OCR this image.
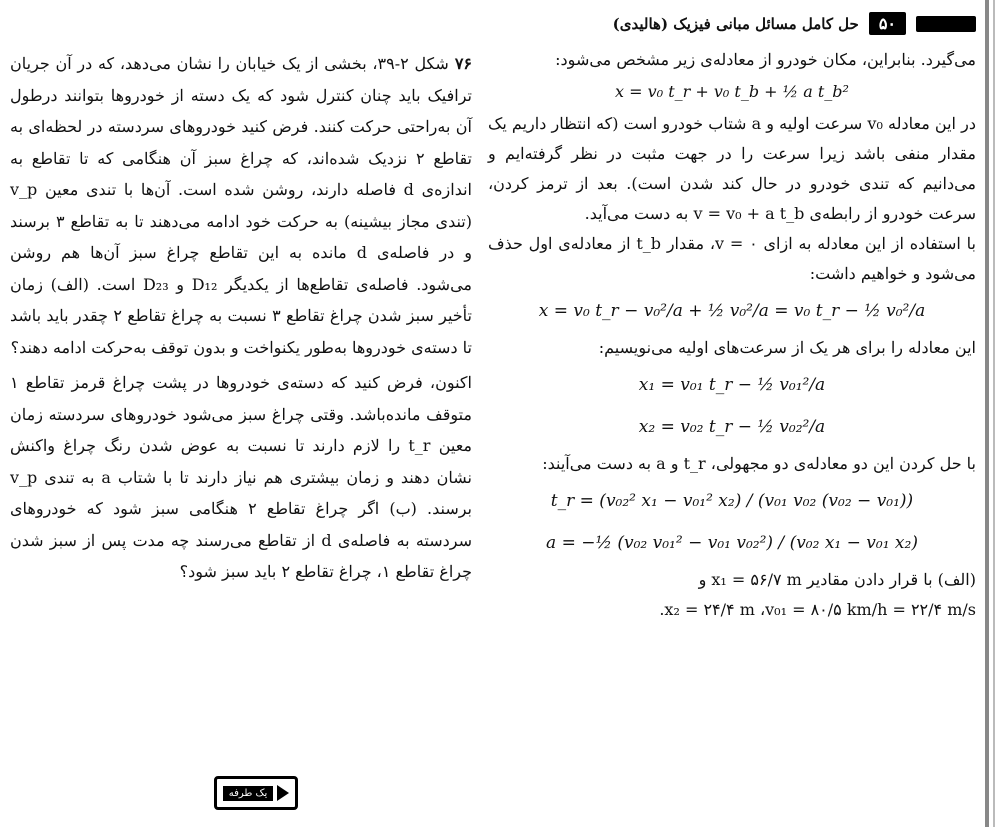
۵۰
حل کامل مسائل مبانی فیزیک (هالیدی)

می‌گیرد. بنابراین، مکان خودرو از معادله‌ی زیر مشخص می‌شود:

x = v₀ t_r + v₀ t_b + ½ a t_b²

در این معادله v₀ سرعت اولیه و a شتاب خودرو است (که انتظار داریم یک مقدار منفی باشد زیرا سرعت را در جهت مثبت در نظر گرفته‌ایم و می‌دانیم که تندی خودرو در حال کند شدن است). بعد از ترمز کردن، سرعت خودرو از رابطه‌ی v = v₀ + a t_b به دست می‌آید.

با استفاده از این معادله به ازای v = ۰، مقدار t_b از معادله‌ی اول حذف می‌شود و خواهیم داشت:

x = v₀ t_r − v₀²/a + ½ v₀²/a = v₀ t_r − ½ v₀²/a

این معادله را برای هر یک از سرعت‌های اولیه می‌نویسیم:

x₁ = v₀₁ t_r − ½ v₀₁²/a
x₂ = v₀₂ t_r − ½ v₀₂²/a

با حل کردن این دو معادله‌ی دو مجهولی، t_r و a به دست می‌آیند:

t_r = (v₀₂² x₁ − v₀₁² x₂) / (v₀₁ v₀₂ (v₀₂ − v₀₁))
a = −½ (v₀₂ v₀₁² − v₀₁ v₀₂²) / (v₀₂ x₁ − v₀₁ x₂)

(الف) با قرار دادن مقادیر x₁ = ۵۶/۷ m و

x₂ = ۲۴/۴ m ،v₀₁ = ۸۰/۵ km/h = ۲۲/۴ m/s.

۷۶شکل ۲-۳۹، بخشی از یک خیابان را نشان می‌دهد، که در آن جریان ترافیک باید چنان کنترل شود که یک دسته از خودروها بتوانند درطول آن به‌راحتی حرکت کنند. فرض کنید خودروهای سردسته در لحظه‌ای به تقاطع ۲ نزدیک شده‌اند، که چراغ سبز آن هنگامی که تا تقاطع به اندازه‌ی d فاصله دارند، روشن شده است. آن‌ها با تندی معین v_p (تندی مجاز بیشینه) به حرکت خود ادامه می‌دهند تا به تقاطع ۳ برسند و در فاصله‌ی d مانده به این تقاطع چراغ سبز آن‌ها هم روشن می‌شود. فاصله‌ی تقاطع‌ها از یکدیگر D₁₂ و D₂₃ است. (الف) زمان تأخیر سبز شدن چراغ تقاطع ۳ نسبت به چراغ تقاطع ۲ چقدر باید باشد تا دسته‌ی خودروها به‌طور یکنواخت و بدون توقف به‌حرکت ادامه دهند؟

اکنون، فرض کنید که دسته‌ی خودروها در پشت چراغ قرمز تقاطع ۱ متوقف مانده‌باشد. وقتی چراغ سبز می‌شود خودروهای سردسته زمان معین t_r را لازم دارند تا نسبت به عوض شدن رنگ چراغ واکنش نشان دهند و زمان بیشتری هم نیاز دارند تا با شتاب a به تندی v_p برسند. (ب) اگر چراغ تقاطع ۲ هنگامی سبز شود که خودروهای سردسته به فاصله‌ی d از تقاطع می‌رسند چه مدت پس از سبز شدن چراغ تقاطع ۱، چراغ تقاطع ۲ باید سبز شود؟

یک طرفه
